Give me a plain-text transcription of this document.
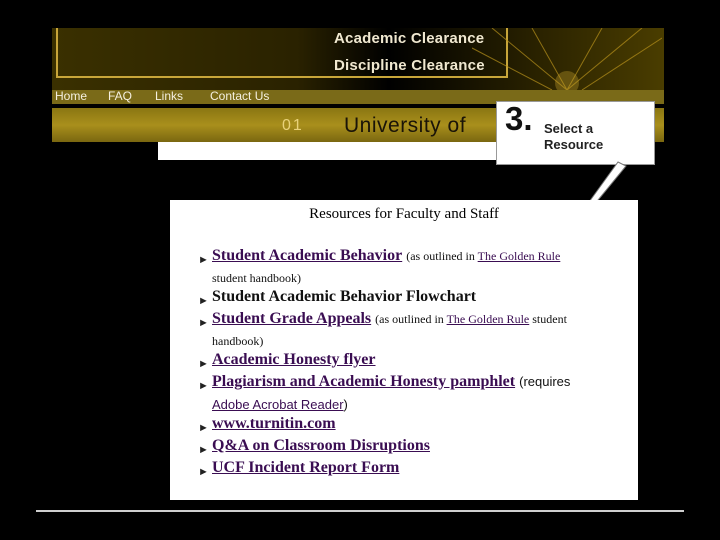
Academic Clearance
Discipline Clearance
Home FAQ Links Contact Us
01 University of 3. Select a
Resource
Resources for Faculty and Staff
► Student Academic Behavior (as outlined in The Golden Rule
student handbook)
► Student Academic Behavior Flowchart
► Student Grade Appeals (as outlined in The Golden Rule student
handbook)
► Academic Honesty flyer
► Plagiarism and Academic Honesty pamphlet (requires
Adobe Acrobat Reader)
► www.turnitin.com
► Q&A on Classroom Disruptions
► UCF Incident Report Form
